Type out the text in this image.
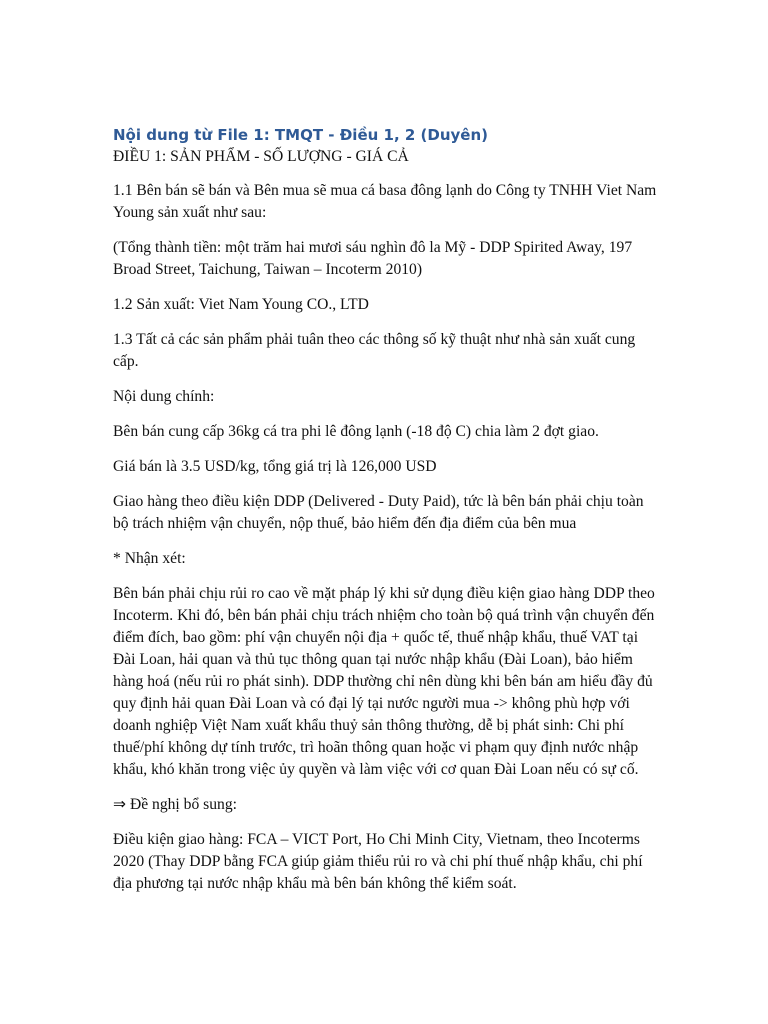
Nội dung từ File 1: TMQT - Điều 1, 2 (Duyên)

ĐIỀU 1: SẢN PHẨM - SỐ LƯỢNG - GIÁ CẢ

1.1 Bên bán sẽ bán và Bên mua sẽ mua cá basa đông lạnh do Công ty TNHH Viet Nam Young sản xuất như sau:

(Tổng thành tiền: một trăm hai mươi sáu nghìn đô la Mỹ - DDP Spirited Away, 197 Broad Street, Taichung, Taiwan – Incoterm 2010)

1.2 Sản xuất: Viet Nam Young CO., LTD

1.3 Tất cả các sản phẩm phải tuân theo các thông số kỹ thuật như nhà sản xuất cung cấp.

Nội dung chính:

Bên bán cung cấp 36kg cá tra phi lê đông lạnh (-18 độ C) chia làm 2 đợt giao.

Giá bán là 3.5 USD/kg, tổng giá trị là 126,000 USD

Giao hàng theo điều kiện DDP (Delivered - Duty Paid), tức là bên bán phải chịu toàn bộ trách nhiệm vận chuyển, nộp thuế, bảo hiểm đến địa điểm của bên mua

* Nhận xét:

Bên bán phải chịu rủi ro cao về mặt pháp lý khi sử dụng điều kiện giao hàng DDP theo Incoterm. Khi đó, bên bán phải chịu trách nhiệm cho toàn bộ quá trình vận chuyển đến điểm đích, bao gồm: phí vận chuyển nội địa + quốc tế, thuế nhập khẩu, thuế VAT tại Đài Loan, hải quan và thủ tục thông quan tại nước nhập khẩu (Đài Loan), bảo hiểm hàng hoá (nếu rủi ro phát sinh). DDP thường chỉ nên dùng khi bên bán am hiểu đầy đủ quy định hải quan Đài Loan và có đại lý tại nước người mua -> không phù hợp với doanh nghiệp Việt Nam xuất khẩu thuỷ sản thông thường, dễ bị phát sinh: Chi phí thuế/phí không dự tính trước, trì hoãn thông quan hoặc vi phạm quy định nước nhập khẩu, khó khăn trong việc ủy quyền và làm việc với cơ quan Đài Loan nếu có sự cố.

⇒ Đề nghị bổ sung:

Điều kiện giao hàng: FCA – VICT Port, Ho Chi Minh City, Vietnam, theo Incoterms 2020 (Thay DDP bằng FCA giúp giảm thiểu rủi ro và chi phí thuế nhập khẩu, chi phí địa phương tại nước nhập khẩu mà bên bán không thể kiểm soát.
